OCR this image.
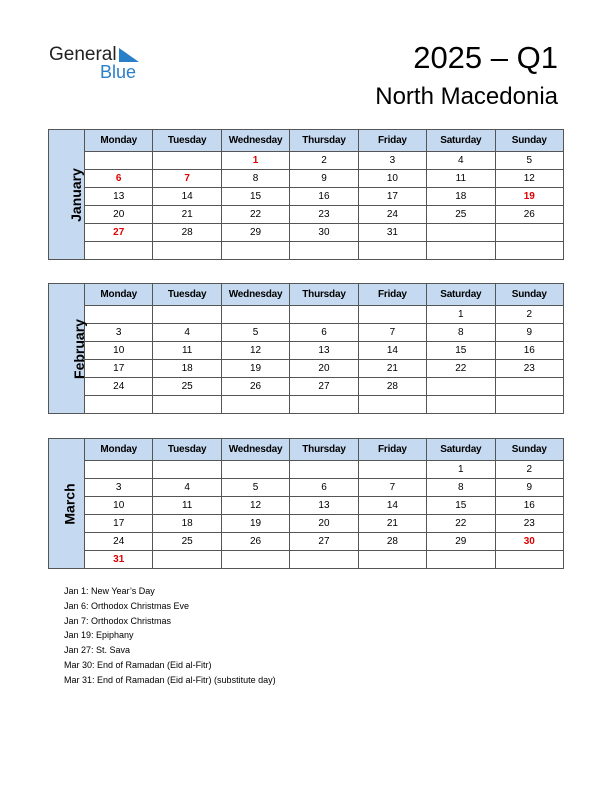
General
Blue	2025 – Q1
North Macedonia
January	Monday	Tuesday	Wednesday	Thursday	Friday	Saturday	Sunday
			1	2	3	4	5
	6	7	8	9	10	11	12
	13	14	15	16	17	18	19
	20	21	22	23	24	25	26
	27	28	29	30	31		

February	Monday	Tuesday	Wednesday	Thursday	Friday	Saturday	Sunday
						1	2
	3	4	5	6	7	8	9
	10	11	12	13	14	15	16
	17	18	19	20	21	22	23
	24	25	26	27	28		

March	Monday	Tuesday	Wednesday	Thursday	Friday	Saturday	Sunday
						1	2
	3	4	5	6	7	8	9
	10	11	12	13	14	15	16
	17	18	19	20	21	22	23
	24	25	26	27	28	29	30
	31						
Jan 1: New Year’s Day
Jan 6: Orthodox Christmas Eve
Jan 7: Orthodox Christmas
Jan 19: Epiphany
Jan 27: St. Sava
Mar 30: End of Ramadan (Eid al-Fitr)
Mar 31: End of Ramadan (Eid al-Fitr) (substitute day)
